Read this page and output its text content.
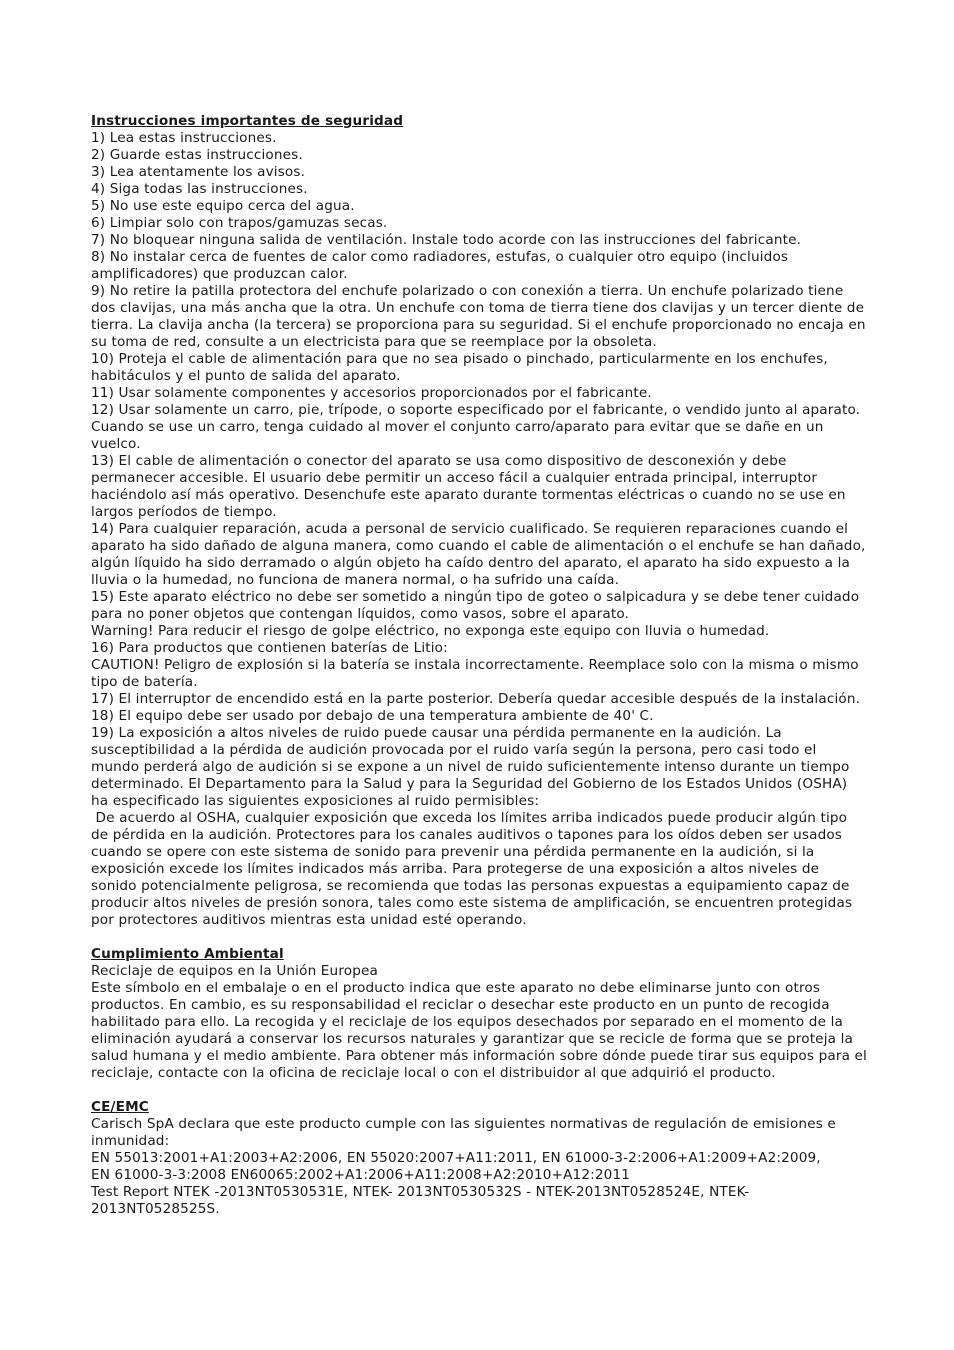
Instrucciones importantes de seguridad
1) Lea estas instrucciones.
2) Guarde estas instrucciones.
3) Lea atentamente los avisos.
4) Siga todas las instrucciones.
5) No use este equipo cerca del agua.
6) Limpiar solo con trapos/gamuzas secas.
7) No bloquear ninguna salida de ventilación. Instale todo acorde con las instrucciones del fabricante.
8) No instalar cerca de fuentes de calor como radiadores, estufas, o cualquier otro equipo (incluidos amplificadores) que produzcan calor.
9) No retire la patilla protectora del enchufe polarizado o con conexión a tierra. Un enchufe polarizado tiene dos clavijas, una más ancha que la otra. Un enchufe con toma de tierra tiene dos clavijas y un tercer diente de tierra. La clavija ancha (la tercera) se proporciona para su seguridad. Si el enchufe proporcionado no encaja en su toma de red, consulte a un electricista para que se reemplace por la obsoleta.
10) Proteja el cable de alimentación para que no sea pisado o pinchado, particularmente en los enchufes, habitáculos y el punto de salida del aparato.
11) Usar solamente componentes y accesorios proporcionados por el fabricante.
12) Usar solamente un carro, pie, trípode, o soporte especificado por el fabricante, o vendido junto al aparato. Cuando se use un carro, tenga cuidado al mover el conjunto carro/aparato para evitar que se dañe en un vuelco.
13) El cable de alimentación o conector del aparato se usa como dispositivo de desconexión y debe permanecer accesible. El usuario debe permitir un acceso fácil a cualquier entrada principal, interruptor haciéndolo así más operativo. Desenchufe este aparato durante tormentas eléctricas o cuando no se use en largos períodos de tiempo.
14) Para cualquier reparación, acuda a personal de servicio cualificado. Se requieren reparaciones cuando el aparato ha sido dañado de alguna manera, como cuando el cable de alimentación o el enchufe se han dañado, algún líquido ha sido derramado o algún objeto ha caído dentro del aparato, el aparato ha sido expuesto a la lluvia o la humedad, no funciona de manera normal, o ha sufrido una caída.
15) Este aparato eléctrico no debe ser sometido a ningún tipo de goteo o salpicadura y se debe tener cuidado para no poner objetos que contengan líquidos, como vasos, sobre el aparato.
Warning! Para reducir el riesgo de golpe eléctrico, no exponga este equipo con lluvia o humedad.
16) Para productos que contienen baterías de Litio:
CAUTION! Peligro de explosión si la batería se instala incorrectamente. Reemplace solo con la misma o mismo tipo de batería.
17) El interruptor de encendido está en la parte posterior. Debería quedar accesible después de la instalación.
18) El equipo debe ser usado por debajo de una temperatura ambiente de 40' C.
19) La exposición a altos niveles de ruido puede causar una pérdida permanente en la audición. La susceptibilidad a la pérdida de audición provocada por el ruido varía según la persona, pero casi todo el mundo perderá algo de audición si se expone a un nivel de ruido suficientemente intenso durante un tiempo determinado. El Departamento para la Salud y para la Seguridad del Gobierno de los Estados Unidos (OSHA) ha especificado las siguientes exposiciones al ruido permisibles:
De acuerdo al OSHA, cualquier exposición que exceda los límites arriba indicados puede producir algún tipo de pérdida en la audición. Protectores para los canales auditivos o tapones para los oídos deben ser usados cuando se opere con este sistema de sonido para prevenir una pérdida permanente en la audición, si la exposición excede los límites indicados más arriba. Para protegerse de una exposición a altos niveles de sonido potencialmente peligrosa, se recomienda que todas las personas expuestas a equipamiento capaz de producir altos niveles de presión sonora, tales como este sistema de amplificación, se encuentren protegidas por protectores auditivos mientras esta unidad esté operando.
Cumplimiento Ambiental
Reciclaje de equipos en la Unión Europea
Este símbolo en el embalaje o en el producto indica que este aparato no debe eliminarse junto con otros productos. En cambio, es su responsabilidad el reciclar o desechar este producto en un punto de recogida habilitado para ello. La recogida y el reciclaje de los equipos desechados por separado en el momento de la eliminación ayudará a conservar los recursos naturales y garantizar que se recicle de forma que se proteja la salud humana y el medio ambiente. Para obtener más información sobre dónde puede tirar sus equipos para el reciclaje, contacte con la oficina de reciclaje local o con el distribuidor al que adquirió el producto.
CE/EMC
Carisch SpA declara que este producto cumple con las siguientes normativas de regulación de emisiones e inmunidad:
EN 55013:2001+A1:2003+A2:2006, EN 55020:2007+A11:2011, EN 61000-3-2:2006+A1:2009+A2:2009,
EN 61000-3-3:2008 EN60065:2002+A1:2006+A11:2008+A2:2010+A12:2011
Test Report NTEK -2013NT0530531E, NTEK- 2013NT0530532S - NTEK-2013NT0528524E, NTEK-2013NT0528525S.
